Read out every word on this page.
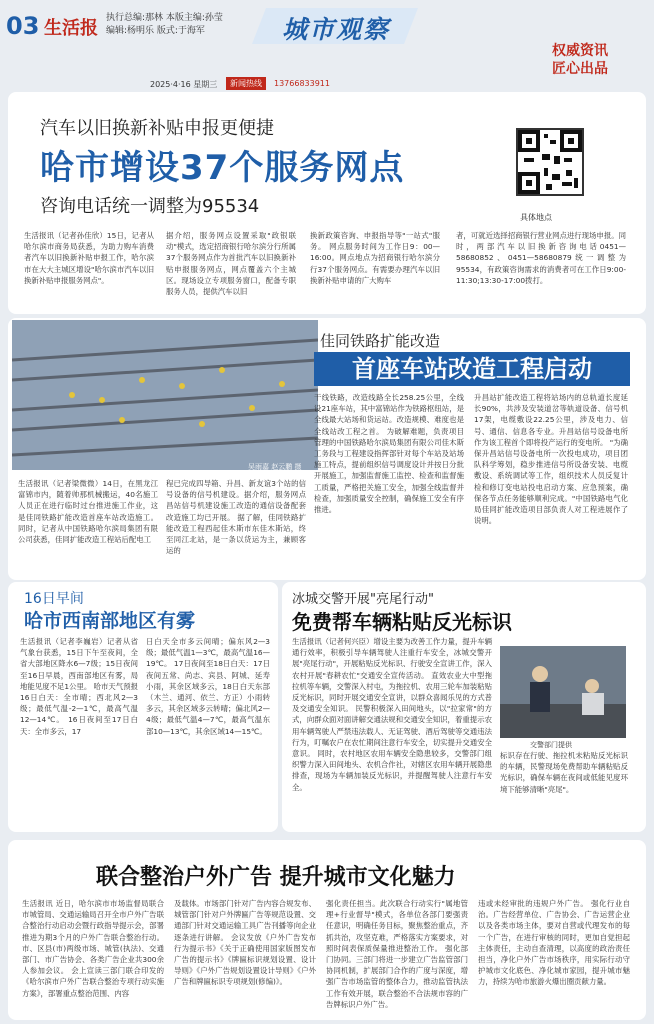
03 生活报 执行总编:那林 本版主编:孙莹
编辑:杨明乐 版式:于海军	城市观察
权威资讯
匠心出品
2025·4·16 星期三	新闻热线	13766833911
汽车以旧换新补贴申报更便捷
哈市增设37个服务网点
咨询电话统一调整为95534
具体地点
生活报讯（记者孙佳欣）15日，记者从哈尔滨市商务局获悉，为助力购车消费者汽车以旧换新补贴申报工作，哈尔滨市在大大主城区增设"哈尔滨市汽车以旧换新补贴申报服务网点"。
据介绍，服务网点设置采取"政银联动"模式，选定招商银行哈尔滨分行所属37个服务网点作为首批汽车以旧换新补贴申报服务网点，网点覆盖六个主城区。现场设立专项服务窗口，配备专职服务人员，提供汽车以旧
换新政策咨询、申报指导等"一站式"服务。 网点服务时间为工作日9：00—16:00。网点地点为招商银行哈尔滨分行37个服务网点。有需要办理汽车以旧换新补贴申请的广大购车
者，可就近选择招商银行营业网点进行现场申报。同时，两部汽车以旧换新咨询电话0451—58680852、0451—58680879统一调整为95534，有政策咨询需求的消费者可在工作日9:00-11:30;13:30-17:00拨打。
吴雨嘉 赵云鹏 摄
佳同铁路扩能改造
首座车站改造工程启动
生活报讯（记者梁微微）14日，在黑龙江富锦市内，随着帅那机械搬运，40名施工人员正在进行临时过台推进施工作业，这是佳同铁路扩能改造首座车站改造施工。同时，记者从中国铁路哈尔滨局集团有限公司获悉，佳同扩能改造工程站后配电工
程已完成四导箱、升昌、新友谊3个站的信号设备的信号机建设。据介绍，服务网点昌站信号机建设施工改造的通信设备配套改造施工均已开展。 据了解，佳同铁路扩能改造工程西起佳木斯市东佳木斯站，终至同江北站，是一条以货运为主，兼顾客运的
干线铁路，改造线路全长258.25公里，全线设21座车站，其中富锦站作为铁路枢纽站，是全线最大站场和货运站。改造规模、难度也是全线站改工程之首。 为破解难题，负责项目管理的中国铁路哈尔滨局集团有限公司佳木斯工务段与工程建设指挥部针对每个车站及站场施工特点，提前组织信号调度设计并按日分批开展施工，加强监督施工监控、检查和监督施工质量，严格把关施工安全，加强全线监督并检查，加强质量安全控制，确保施工安全有序推进。
升昌站扩能改造工程将站场内的总轨道长度延长90%，共涉及安装道岔等轨道设备、信号机17架，电缆敷设22.25公里，涉及电力、信号、通信、信息各专业。升昌站信号设备电所作为该工程首个即将投产运行的变电所。 "为确保升昌站信号设备电所一次投电成功，项目团队科学筹划，稳步推进信号所设备安装、电缆敷设、系统调试等工作，组织技术人员反复计检和修订变电站投电启动方案、应急预案，确保各节点任务能够顺利完成。"中国铁路电气化局佳同扩能改造项目部负责人对工程进展作了说明。
16日早间
哈市西南部地区有雾
生活报讯（记者李巍岩）记者从省气象台获悉，15日下午至夜间，全省大部地区降水6—7级；15日夜间至16日早晨，西南部地区有雾，局地能见度不足1公里。 哈市天气预报 16日白天：全市晴；西北风2—3级；最低气温-2—1℃，最高气温12—14℃。 16日夜间至17日白天：全市多云，17
日白天全市多云间晴；偏东风2—3级；最低气温1—3℃，最高气温16—19℃。 17日夜间至18日白天：17日夜间五常、尚志、宾县、阿城、延寿小雨，其余区域多云，18日白天东部（木兰、通河、依兰、方正）小雨转多云，其余区域多云转晴；偏北风2—4级；最低气温4—7℃，最高气温东部10—13℃，其余区域14—15℃。
冰城交警开展"亮尾行动"
免费帮车辆粘贴反光标识
生活报讯（记者何兴臣）增设主要为改善工作力量，提升车辆通行效率，积极引导车辆驾驶人注重行车安全，冰城交警开展"亮尾行动"，开展粘贴反光标识、行驶安全宣讲工作，深入农村开展"春耕农忙"交通安全宣传活动。 直效农业大中型拖拉机等车辆，交警深入村屯，为拖拉机、农用三轮车加装粘贴反光标识，同时开展交通安全宣讲，以群众喜闻乐见的方式普及交通安全知识。 民警积极深入田间地头，以"拉家常"的方式，向群众面对面讲解交通法规和交通安全知识，着重提示农用车辆驾驶人严禁违法载人、无证驾驶、酒后驾驶等交通违法行为，叮嘱农户在农忙期间注意行车安全，切实提升交通安全意识。 同时，农村地区农用车辆安全隐患较多，交警部门组织警力深入田间地头、农机合作社，对辖区农用车辆开展隐患排查，现场为车辆加装反光标识，并提醒驾驶人注意行车安全。
交警部门提供
标识存在行驶、拖拉机未粘贴反光标识的车辆，民警现场免费帮助车辆粘贴反光标识，确保车辆在夜间或低能见度环境下能够清晰"亮尾"。
联合整治户外广告 提升城市文化魅力
生活报讯 近日，哈尔滨市市场监督局联合市城管局、交通运输局召开全市户外广告联合整治行动启动会暨行政指导提示会，部署推进为期3个月的户外广告联合整治行动。市、区县(市)两级市场、城管(执法)、交通部门、市广告协会、各类广告企业共300余人参加会议。 会上宣读三部门联合印发的《哈尔滨市户外广告联合整治专项行动实施方案》，部署重点整治范围、内容
及载体。市场部门针对广告内容合规发布、城管部门针对户外牌匾广告等规范设置、交通部门针对交通运输工具广告刊播等向企业逐条进行讲解。 会议发放《户外广告发布行为提示书》《关于正确使用国家版图发布广告的提示书》《牌匾标识规划设置、设计导则》《户外广告规划设置设计导则》《户外广告和牌匾标识专项规划(修编)》。
强化责任担当。此次联合行动实行"属地管理+行业督导"模式，各单位各部门要强责任意识，明确任务目标，聚焦整治重点，齐抓共治，攻坚克难，严格落实方案要求，对照时间表保质保量推进整治工作。 强化部门协同。三部门将进一步建立广告监管部门协同机制，扩展部门合作的广度与深度，增强广告市场监管的整体合力，推动监管执法工作有效开展，联合整治不合法规市容的广告牌标识户外广告。
违或未经审批的违规户外广告。 强化行业自治。广告经营单位、广告协会、广告运营企业以及各类市场主体，要对自营或代理发布的每一个广告，在进行审核的同时，更加自觉担起主体责任，主动自查清理，以高度的政治责任担当，净化户外广告市场秩序，用实际行动守护城市文化底色、净化城市家园，提升城市魅力，持续为哈市旅游火爆出圈贡献力量。
